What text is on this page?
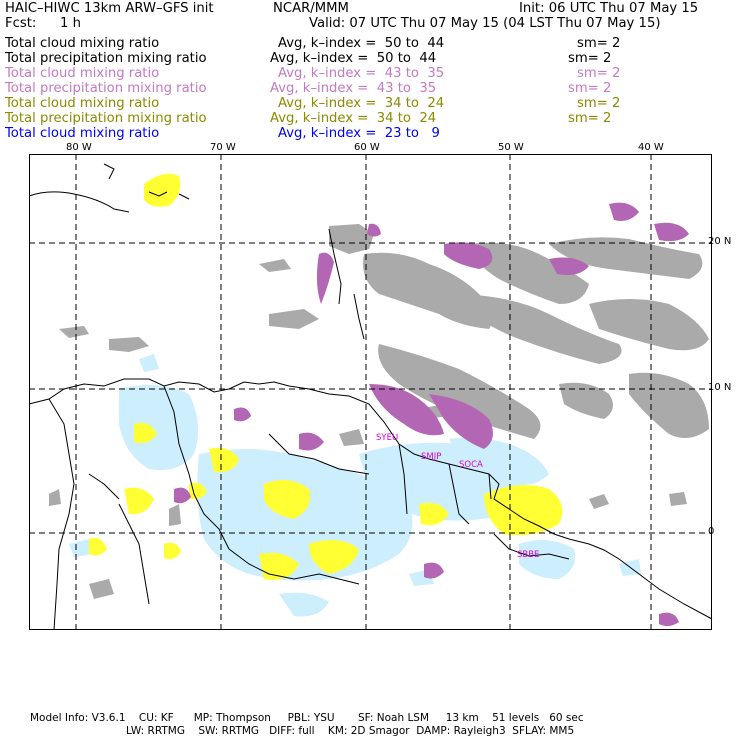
HAIC–HIWC 13km ARW–GFS init	NCAR/MMM	Init: 06 UTC Thu 07 May 15
Fcst: 1 h	Valid: 07 UTC Thu 07 May 15 (04 LST Thu 07 May 15)
Total cloud mixing ratio	Avg, k–index =  50 to  44	sm= 2
Total precipitation mixing ratio	Avg, k–index =  50 to  44	sm= 2
Total cloud mixing ratio	Avg, k–index =  43 to  35	sm= 2
Total precipitation mixing ratio	Avg, k–index =  43 to  35	sm= 2
Total cloud mixing ratio	Avg, k–index =  34 to  24	sm= 2
Total precipitation mixing ratio	Avg, k–index =  34 to  24	sm= 2
Total cloud mixing ratio	Avg, k–index =  23 to   9
80 W	70 W	60 W	50 W	40 W
SYEU
SMJP
SOCA
SBBE
20 N
10 N
0
Model Info: V3.6.1    CU: KF      MP: Thompson     PBL: YSU       SF: Noah LSM     13 km    51 levels   60 sec
LW: RRTMG    SW: RRTMG   DIFF: full    KM: 2D Smagor  DAMP: Rayleigh3  SFLAY: MM5
